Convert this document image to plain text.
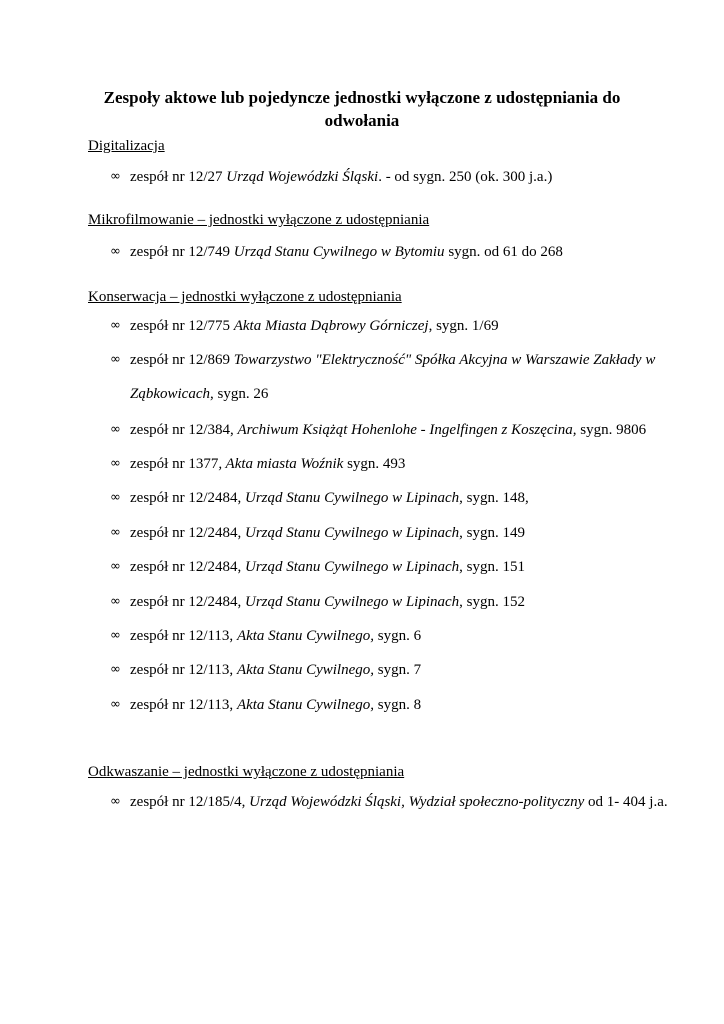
Zespoły aktowe lub pojedyncze jednostki wyłączone z udostępniania do odwołania
Digitalizacja
∞ zespół nr 12/27 Urząd Wojewódzki Śląski. - od sygn. 250 (ok. 300 j.a.)
Mikrofilmowanie – jednostki wyłączone z udostępniania
∞ zespół nr 12/749 Urząd Stanu Cywilnego w Bytomiu sygn. od 61 do 268
Konserwacja – jednostki wyłączone z udostępniania
∞ zespół nr 12/775 Akta Miasta Dąbrowy Górniczej, sygn. 1/69
∞ zespół nr 12/869 Towarzystwo "Elektryczność" Spółka Akcyjna w Warszawie Zakłady w Ząbkowicach, sygn. 26
∞ zespół nr 12/384, Archiwum Książąt Hohenlohe - Ingelfingen z Koszęcina, sygn. 9806
∞ zespół nr 1377, Akta miasta Woźnik sygn. 493
∞ zespół nr 12/2484, Urząd Stanu Cywilnego w Lipinach, sygn. 148,
∞ zespół nr 12/2484, Urząd Stanu Cywilnego w Lipinach, sygn. 149
∞ zespół nr 12/2484, Urząd Stanu Cywilnego w Lipinach, sygn. 151
∞ zespół nr 12/2484, Urząd Stanu Cywilnego w Lipinach, sygn. 152
∞ zespół nr 12/113, Akta Stanu Cywilnego, sygn. 6
∞ zespół nr 12/113, Akta Stanu Cywilnego, sygn. 7
∞ zespół nr 12/113, Akta Stanu Cywilnego, sygn. 8
Odkwaszanie – jednostki wyłączone z udostępniania
∞ zespół nr 12/185/4, Urząd Wojewódzki Śląski, Wydział społeczno-polityczny od 1- 404 j.a.
